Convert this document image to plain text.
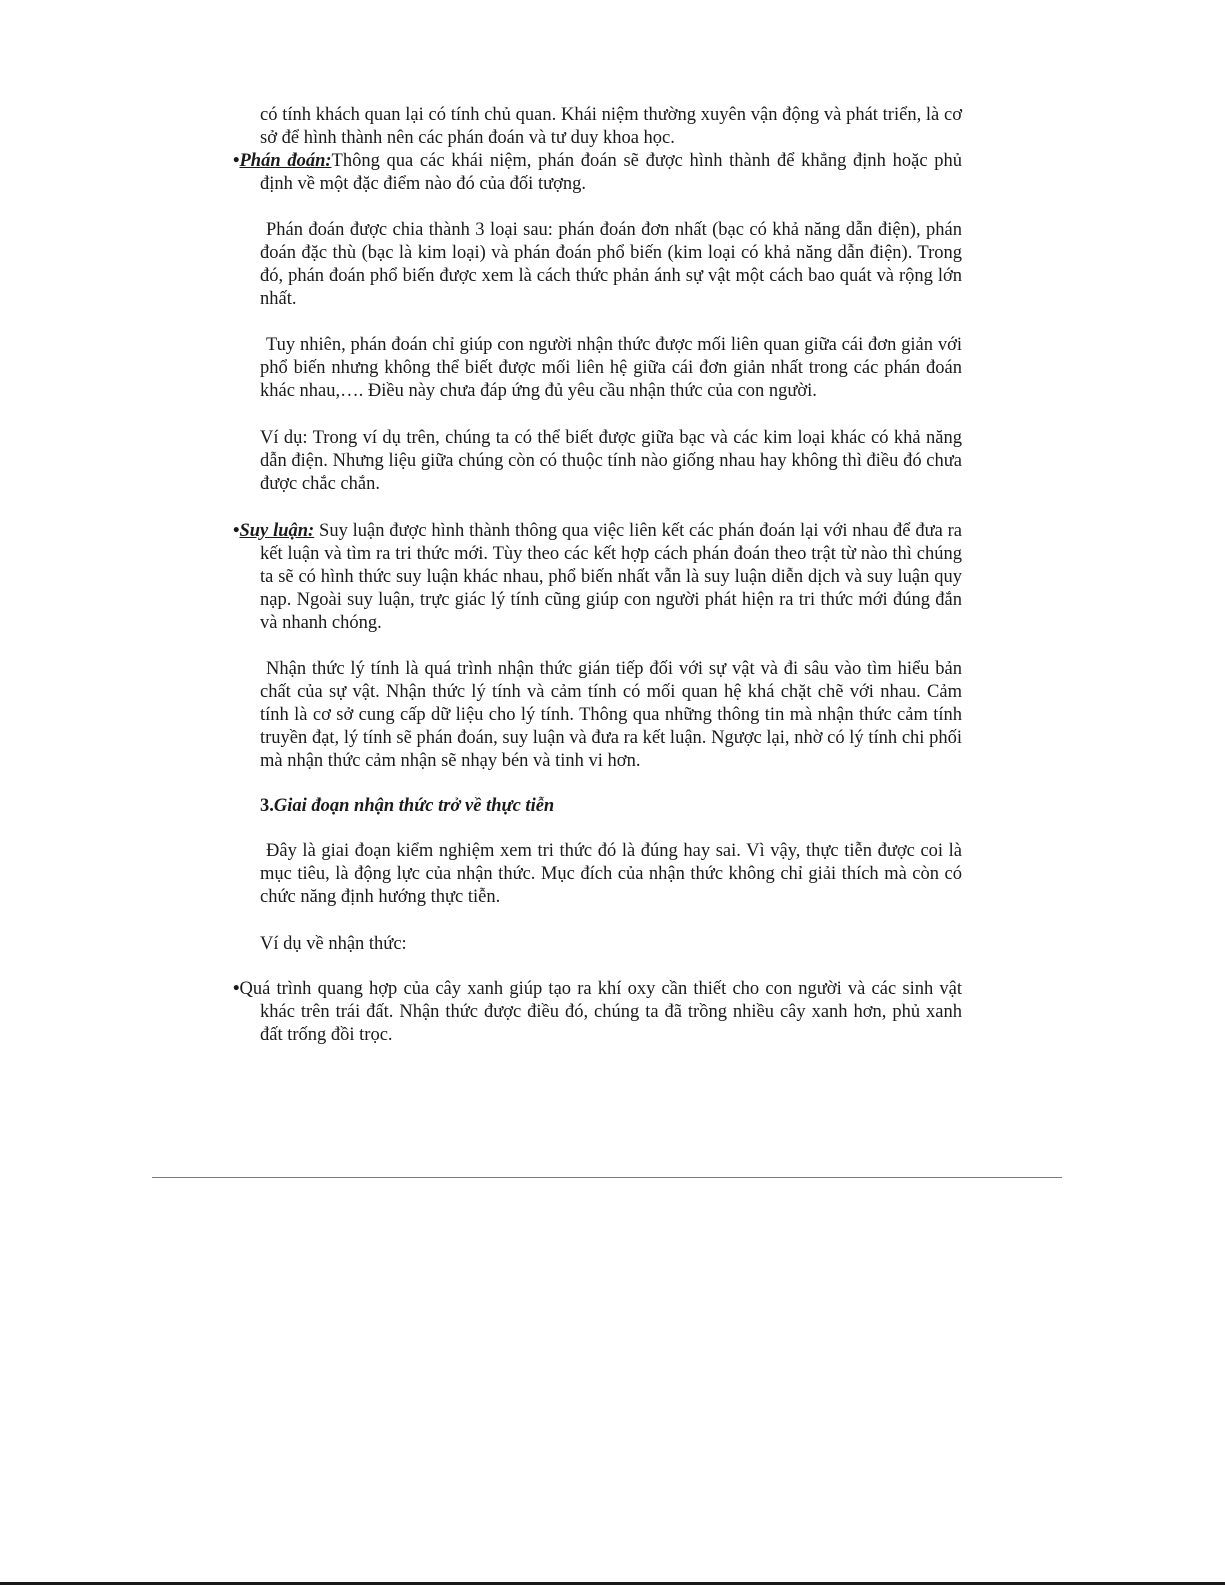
có tính khách quan lại có tính chủ quan. Khái niệm thường xuyên vận động và phát triển, là cơ sở để hình thành nên các phán đoán và tư duy khoa học.

•Phán đoán:Thông qua các khái niệm, phán đoán sẽ được hình thành để khẳng định hoặc phủ định về một đặc điểm nào đó của đối tượng.

Phán đoán được chia thành 3 loại sau: phán đoán đơn nhất (bạc có khả năng dẫn điện), phán đoán đặc thù (bạc là kim loại) và phán đoán phổ biến (kim loại có khả năng dẫn điện). Trong đó, phán đoán phổ biến được xem là cách thức phản ánh sự vật một cách bao quát và rộng lớn nhất.

Tuy nhiên, phán đoán chỉ giúp con người nhận thức được mối liên quan giữa cái đơn giản với phổ biến nhưng không thể biết được mối liên hệ giữa cái đơn giản nhất trong các phán đoán khác nhau,…. Điều này chưa đáp ứng đủ yêu cầu nhận thức của con người.

Ví dụ: Trong ví dụ trên, chúng ta có thể biết được giữa bạc và các kim loại khác có khả năng dẫn điện. Nhưng liệu giữa chúng còn có thuộc tính nào giống nhau hay không thì điều đó chưa được chắc chắn.

•Suy luận: Suy luận được hình thành thông qua việc liên kết các phán đoán lại với nhau để đưa ra kết luận và tìm ra tri thức mới. Tùy theo các kết hợp cách phán đoán theo trật từ nào thì chúng ta sẽ có hình thức suy luận khác nhau, phổ biến nhất vẫn là suy luận diễn dịch và suy luận quy nạp. Ngoài suy luận, trực giác lý tính cũng giúp con người phát hiện ra tri thức mới đúng đắn và nhanh chóng.

Nhận thức lý tính là quá trình nhận thức gián tiếp đối với sự vật và đi sâu vào tìm hiểu bản chất của sự vật. Nhận thức lý tính và cảm tính có mối quan hệ khá chặt chẽ với nhau. Cảm tính là cơ sở cung cấp dữ liệu cho lý tính. Thông qua những thông tin mà nhận thức cảm tính truyền đạt, lý tính sẽ phán đoán, suy luận và đưa ra kết luận. Ngược lại, nhờ có lý tính chi phối mà nhận thức cảm nhận sẽ nhạy bén và tinh vi hơn.

3.Giai đoạn nhận thức trở về thực tiễn

Đây là giai đoạn kiểm nghiệm xem tri thức đó là đúng hay sai. Vì vậy, thực tiễn được coi là mục tiêu, là động lực của nhận thức. Mục đích của nhận thức không chỉ giải thích mà còn có chức năng định hướng thực tiễn.

Ví dụ về nhận thức:

•Quá trình quang hợp của cây xanh giúp tạo ra khí oxy cần thiết cho con người và các sinh vật khác trên trái đất. Nhận thức được điều đó, chúng ta đã trồng nhiều cây xanh hơn, phủ xanh đất trống đồi trọc.
